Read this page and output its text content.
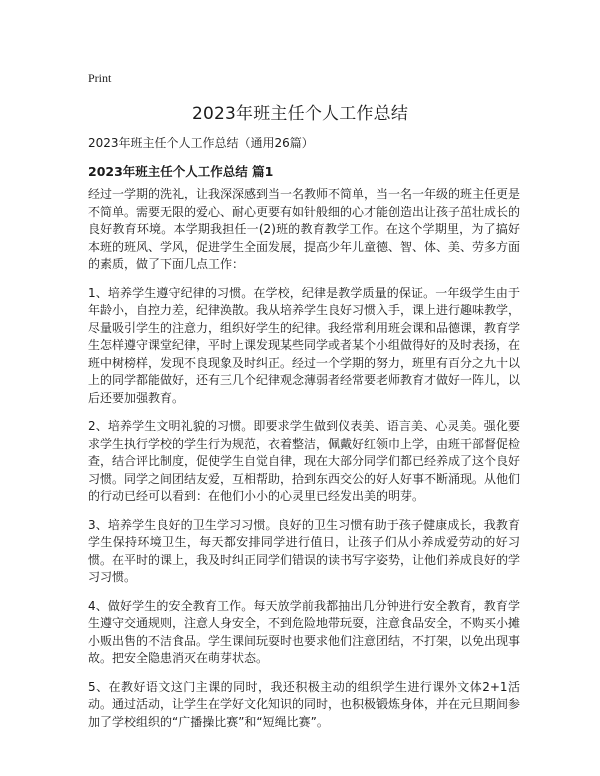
Print
2023年班主任个人工作总结

2023年班主任个人工作总结（通用26篇）

2023年班主任个人工作总结 篇1

经过一学期的洗礼，让我深深感到当一名教师不简单，当一名一年级的班主任更是不简单。需要无限的爱心、耐心更要有如针般细的心才能创造出让孩子茁壮成长的良好教育环境。本学期我担任一(2)班的教育教学工作。在这个学期里，为了搞好本班的班风、学风，促进学生全面发展，提高少年儿童德、智、体、美、劳多方面的素质，做了下面几点工作：

1、培养学生遵守纪律的习惯。在学校，纪律是教学质量的保证。一年级学生由于年龄小，自控力差，纪律涣散。我从培养学生良好习惯入手，课上进行趣味教学，尽量吸引学生的注意力，组织好学生的纪律。我经常利用班会课和品德课，教育学生怎样遵守课堂纪律，平时上课发现某些同学或者某个小组做得好的及时表扬，在班中树榜样，发现不良现象及时纠正。经过一个学期的努力，班里有百分之九十以上的同学都能做好，还有三几个纪律观念薄弱者经常要老师教育才做好一阵儿，以后还要加强教育。

2、培养学生文明礼貌的习惯。即要求学生做到仪表美、语言美、心灵美。强化要求学生执行学校的学生行为规范，衣着整洁，佩戴好红领巾上学，由班干部督促检查，结合评比制度，促使学生自觉自律，现在大部分同学们都已经养成了这个良好习惯。同学之间团结友爱，互相帮助，拾到东西交公的好人好事不断涌现。从他们的行动已经可以看到：在他们小小的心灵里已经发出美的明芽。

3、培养学生良好的卫生学习习惯。良好的卫生习惯有助于孩子健康成长，我教育学生保持环境卫生，每天都安排同学进行值日，让孩子们从小养成爱劳动的好习惯。在平时的课上，我及时纠正同学们错误的读书写字姿势，让他们养成良好的学习习惯。

4、做好学生的安全教育工作。每天放学前我都抽出几分钟进行安全教育，教育学生遵守交通规则，注意人身安全，不到危险地带玩耍，注意食品安全，不购买小摊小贩出售的不洁食品。学生课间玩耍时也要求他们注意团结，不打架，以免出现事故。把安全隐患消灭在萌芽状态。

5、在教好语文这门主课的同时，我还积极主动的组织学生进行课外文体2+1活动。通过活动，让学生在学好文化知识的同时，也积极锻炼身体，并在元旦期间参加了学校组织的“广播操比赛”和“短绳比赛”。
